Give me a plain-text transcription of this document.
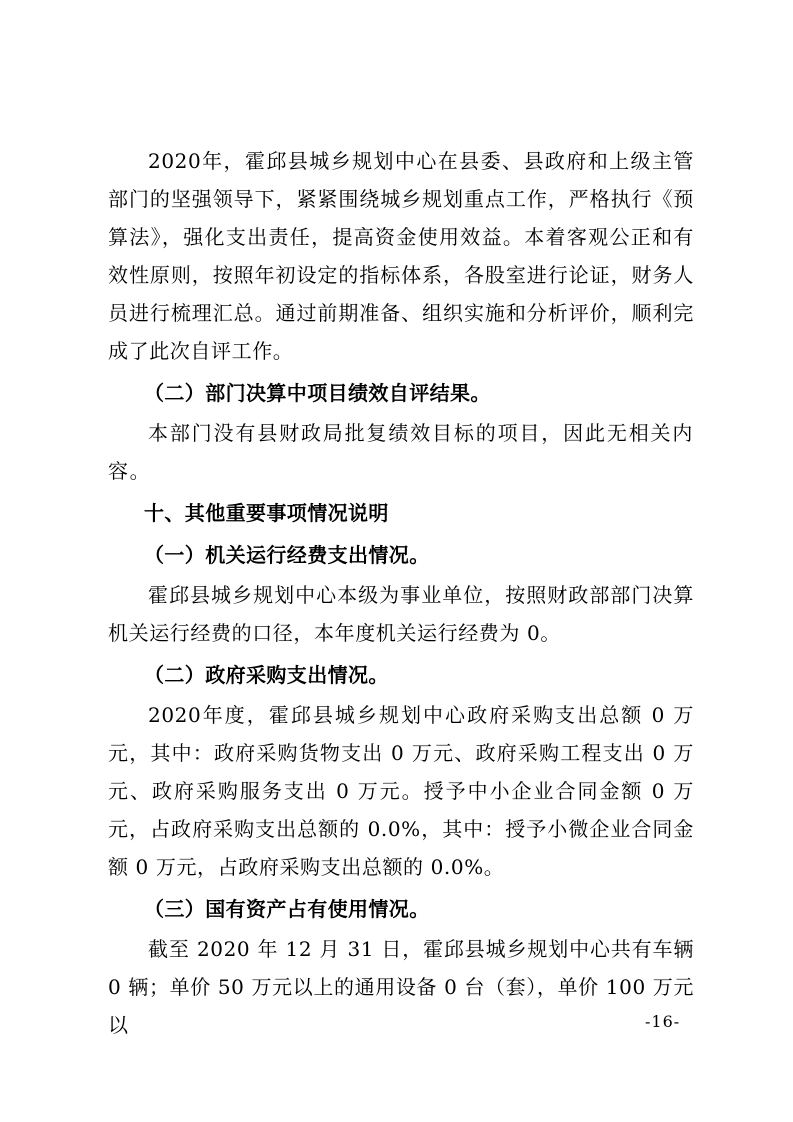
2020年，霍邱县城乡规划中心在县委、县政府和上级主管部门的坚强领导下，紧紧围绕城乡规划重点工作，严格执行《预算法》，强化支出责任，提高资金使用效益。本着客观公正和有效性原则，按照年初设定的指标体系，各股室进行论证，财务人员进行梳理汇总。通过前期准备、组织实施和分析评价，顺利完成了此次自评工作。

（二）部门决算中项目绩效自评结果。

本部门没有县财政局批复绩效目标的项目，因此无相关内容。

十、其他重要事项情况说明

（一）机关运行经费支出情况。

霍邱县城乡规划中心本级为事业单位，按照财政部部门决算机关运行经费的口径，本年度机关运行经费为 0。

（二）政府采购支出情况。

2020年度，霍邱县城乡规划中心政府采购支出总额 0 万元，其中：政府采购货物支出 0 万元、政府采购工程支出 0 万元、政府采购服务支出 0 万元。授予中小企业合同金额 0 万元，占政府采购支出总额的 0.0%，其中：授予小微企业合同金额 0 万元，占政府采购支出总额的 0.0%。

（三）国有资产占有使用情况。

截至 2020 年 12 月 31 日，霍邱县城乡规划中心共有车辆 0 辆；单价 50 万元以上的通用设备 0 台（套），单价 100 万元以	-16-
